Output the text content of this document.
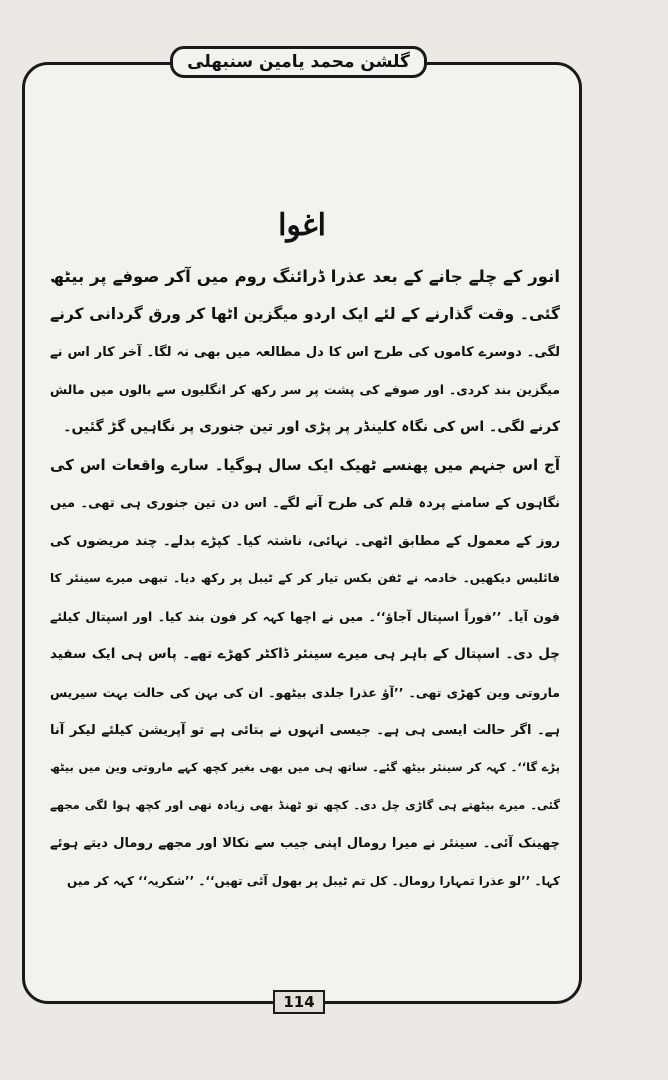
گلشن محمد یامین سنبھلی
اغوا
انور کے چلے جانے کے بعد عذرا ڈرائنگ روم میں آکر صوفے پر بیٹھ
گئی۔ وقت گذارنے کے لئے ایک اردو میگزین اٹھا کر ورق گردانی کرنے
لگی۔ دوسرے کاموں کی طرح اس کا دل مطالعہ میں بھی نہ لگا۔ آخر کار اس نے
میگزین بند کردی۔ اور صوفے کی پشت پر سر رکھ کر انگلیوں سے بالوں میں مالش
کرنے لگی۔ اس کی نگاہ کلینڈر پر پڑی اور تین جنوری پر نگاہیں گڑ گئیں۔
آج اس جنہم میں پھنسے ٹھیک ایک سال ہوگیا۔ سارے واقعات اس کی
نگاہوں کے سامنے پردہ قلم کی طرح آنے لگے۔ اس دن تین جنوری ہی تھی۔ میں
روز کے معمول کے مطابق اٹھی۔ نہائی، ناشتہ کیا۔ کپڑے بدلے۔ چند مریضوں کی
فائلیس دیکھیں۔ خادمہ نے ٹفن بکس تیار کر کے ٹیبل پر رکھ دیا۔ تبھی میرے سینئر کا
فون آیا۔ ’’فوراً اسپتال آجاؤ‘‘۔ میں نے اچھا کہہ کر فون بند کیا۔ اور اسپتال کیلئے
چل دی۔ اسپتال کے باہر ہی میرے سینئر ڈاکٹر کھڑے تھے۔ پاس ہی ایک سفید
ماروتی وین کھڑی تھی۔ ’’آؤ عذرا جلدی بیٹھو۔ ان کی بہن کی حالت بہت سیریس
ہے۔ اگر حالت ایسی ہی ہے۔ جیسی انہوں نے بتائی ہے تو آپریشن کیلئے لیکر آنا
پڑے گا‘‘۔ کہہ کر سینئر بیٹھ گئے۔ ساتھ ہی میں بھی بغیر کچھ کہے ماروتی وین میں بیٹھ
گئی۔ میرے بیٹھتے ہی گاڑی چل دی۔ کچھ تو ٹھنڈ بھی زیادہ تھی اور کچھ ہوا لگی مجھے
چھینک آئی۔ سینئر نے میرا رومال اپنی جیب سے نکالا اور مجھے رومال دیتے ہوئے
کہا۔ ’’لو عذرا تمہارا رومال۔ کل تم ٹیبل پر بھول آئی تھیں‘‘۔ ’’شکریہ‘‘ کہہ کر میں
114
